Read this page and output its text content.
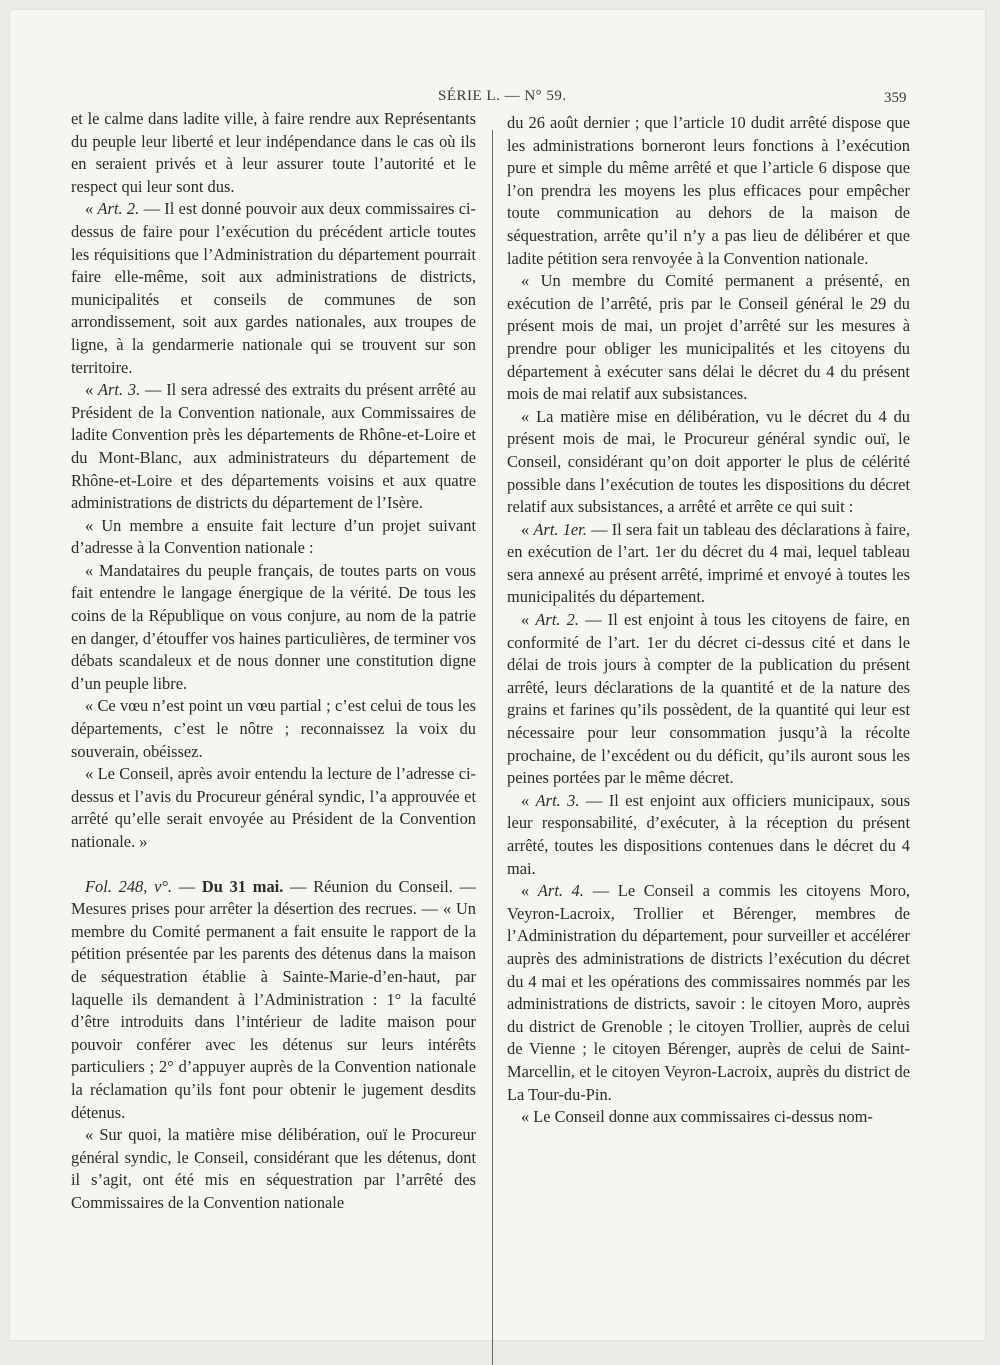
SÉRIE L. — N° 59.	359

et le calme dans ladite ville, à faire rendre aux Représentants du peuple leur liberté et leur indépendance dans le cas où ils en seraient privés et à leur assurer toute l’autorité et le respect qui leur sont dus.

« Art. 2. — Il est donné pouvoir aux deux commissaires ci-dessus de faire pour l’exécution du précédent article toutes les réquisitions que l’Administration du département pourrait faire elle-même, soit aux administrations de districts, municipalités et conseils de communes de son arrondissement, soit aux gardes nationales, aux troupes de ligne, à la gendarmerie nationale qui se trouvent sur son territoire.

« Art. 3. — Il sera adressé des extraits du présent arrêté au Président de la Convention nationale, aux Commissaires de ladite Convention près les départements de Rhône-et-Loire et du Mont-Blanc, aux administrateurs du département de Rhône-et-Loire et des départements voisins et aux quatre administrations de districts du département de l’Isère.

« Un membre a ensuite fait lecture d’un projet suivant d’adresse à la Convention nationale :

« Mandataires du peuple français, de toutes parts on vous fait entendre le langage énergique de la vérité. De tous les coins de la République on vous conjure, au nom de la patrie en danger, d’étouffer vos haines particulières, de terminer vos débats scandaleux et de nous donner une constitution digne d’un peuple libre.

« Ce vœu n’est point un vœu partial ; c’est celui de tous les départements, c’est le nôtre ; reconnaissez la voix du souverain, obéissez.

« Le Conseil, après avoir entendu la lecture de l’adresse ci-dessus et l’avis du Procureur général syndic, l’a approuvée et arrêté qu’elle serait envoyée au Président de la Convention nationale. »

Fol. 248, v°. — Du 31 mai. — Réunion du Conseil. — Mesures prises pour arrêter la désertion des recrues. — « Un membre du Comité permanent a fait ensuite le rapport de la pétition présentée par les parents des détenus dans la maison de séquestration établie à Sainte-Marie-d’en-haut, par laquelle ils demandent à l’Administration : 1° la faculté d’être introduits dans l’intérieur de ladite maison pour pouvoir conférer avec les détenus sur leurs intérêts particuliers ; 2° d’appuyer auprès de la Convention nationale la réclamation qu’ils font pour obtenir le jugement desdits détenus.

« Sur quoi, la matière mise délibération, ouï le Procureur général syndic, le Conseil, considérant que les détenus, dont il s’agit, ont été mis en séquestration par l’arrêté des Commissaires de la Convention nationale

du 26 août dernier ; que l’article 10 dudit arrêté dispose que les administrations borneront leurs fonctions à l’exécution pure et simple du même arrêté et que l’article 6 dispose que l’on prendra les moyens les plus efficaces pour empêcher toute communication au dehors de la maison de séquestration, arrête qu’il n’y a pas lieu de délibérer et que ladite pétition sera renvoyée à la Convention nationale.

« Un membre du Comité permanent a présenté, en exécution de l’arrêté, pris par le Conseil général le 29 du présent mois de mai, un projet d’arrêté sur les mesures à prendre pour obliger les municipalités et les citoyens du département à exécuter sans délai le décret du 4 du présent mois de mai relatif aux subsistances.

« La matière mise en délibération, vu le décret du 4 du présent mois de mai, le Procureur général syndic ouï, le Conseil, considérant qu’on doit apporter le plus de célérité possible dans l’exécution de toutes les dispositions du décret relatif aux subsistances, a arrêté et arrête ce qui suit :

« Art. 1er. — Il sera fait un tableau des déclarations à faire, en exécution de l’art. 1er du décret du 4 mai, lequel tableau sera annexé au présent arrêté, imprimé et envoyé à toutes les municipalités du département.

« Art. 2. — Il est enjoint à tous les citoyens de faire, en conformité de l’art. 1er du décret ci-dessus cité et dans le délai de trois jours à compter de la publication du présent arrêté, leurs déclarations de la quantité et de la nature des grains et farines qu’ils possèdent, de la quantité qui leur est nécessaire pour leur consommation jusqu’à la récolte prochaine, de l’excédent ou du déficit, qu’ils auront sous les peines portées par le même décret.

« Art. 3. — Il est enjoint aux officiers municipaux, sous leur responsabilité, d’exécuter, à la réception du présent arrêté, toutes les dispositions contenues dans le décret du 4 mai.

« Art. 4. — Le Conseil a commis les citoyens Moro, Veyron-Lacroix, Trollier et Bérenger, membres de l’Administration du département, pour surveiller et accélérer auprès des administrations de districts l’exécution du décret du 4 mai et les opérations des commissaires nommés par les administrations de districts, savoir : le citoyen Moro, auprès du district de Grenoble ; le citoyen Trollier, auprès de celui de Vienne ; le citoyen Bérenger, auprès de celui de Saint-Marcellin, et le citoyen Veyron-Lacroix, auprès du district de La Tour-du-Pin.

« Le Conseil donne aux commissaires ci-dessus nom-
